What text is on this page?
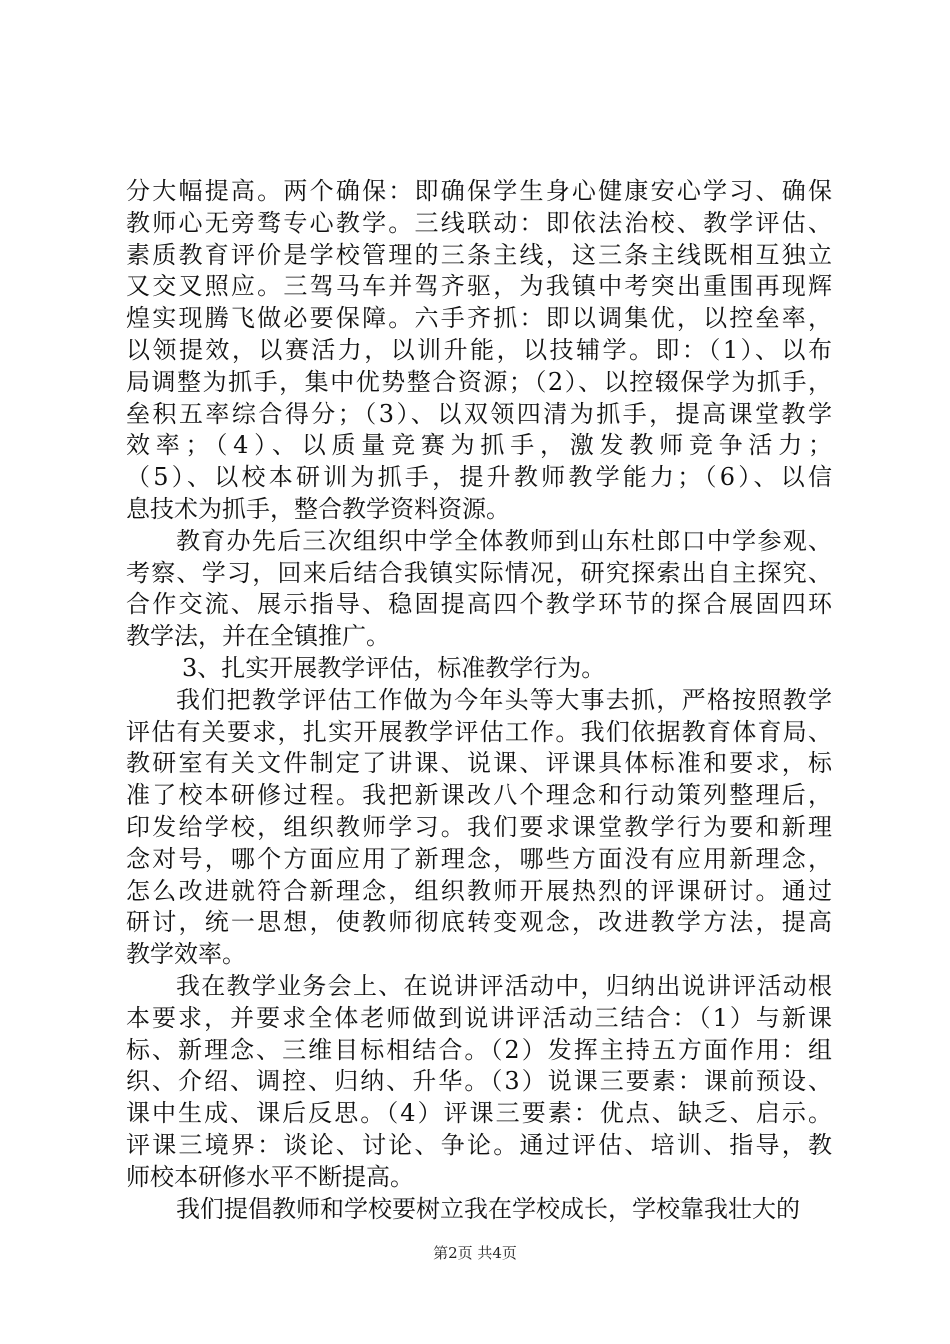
分大幅提高。两个确保：即确保学生身心健康安心学习、确保
教师心无旁骛专心教学。三线联动：即依法治校、教学评估、
素质教育评价是学校管理的三条主线，这三条主线既相互独立
又交叉照应。三驾马车并驾齐驱，为我镇中考突出重围再现辉
煌实现腾飞做必要保障。六手齐抓：即以调集优，以控垒率，
以领提效，以赛活力，以训升能，以技辅学。即：（1）、以布
局调整为抓手，集中优势整合资源；（2）、以控辍保学为抓手，
垒积五率综合得分；（3）、以双领四清为抓手，提高课堂教学
效率；（4）、以质量竞赛为抓手，激发教师竞争活力；
（5）、以校本研训为抓手，提升教师教学能力；（6）、以信
息技术为抓手，整合教学资料资源。
教育办先后三次组织中学全体教师到山东杜郎口中学参观、
考察、学习，回来后结合我镇实际情况，研究探索出自主探究、
合作交流、展示指导、稳固提高四个教学环节的探合展固四环
教学法，并在全镇推广。
3、扎实开展教学评估，标准教学行为。
我们把教学评估工作做为今年头等大事去抓，严格按照教学
评估有关要求，扎实开展教学评估工作。我们依据教育体育局、
教研室有关文件制定了讲课、说课、评课具体标准和要求，标
准了校本研修过程。我把新课改八个理念和行动策列整理后，
印发给学校，组织教师学习。我们要求课堂教学行为要和新理
念对号，哪个方面应用了新理念，哪些方面没有应用新理念，
怎么改进就符合新理念，组织教师开展热烈的评课研讨。通过
研讨，统一思想，使教师彻底转变观念，改进教学方法，提高
教学效率。
我在教学业务会上、在说讲评活动中，归纳出说讲评活动根
本要求，并要求全体老师做到说讲评活动三结合：（1）与新课
标、新理念、三维目标相结合。（2）发挥主持五方面作用：组
织、介绍、调控、归纳、升华。（3）说课三要素：课前预设、
课中生成、课后反思。（4）评课三要素：优点、缺乏、启示。
评课三境界：谈论、讨论、争论。通过评估、培训、指导，教
师校本研修水平不断提高。
我们提倡教师和学校要树立我在学校成长，学校靠我壮大的
第2页 共4页
